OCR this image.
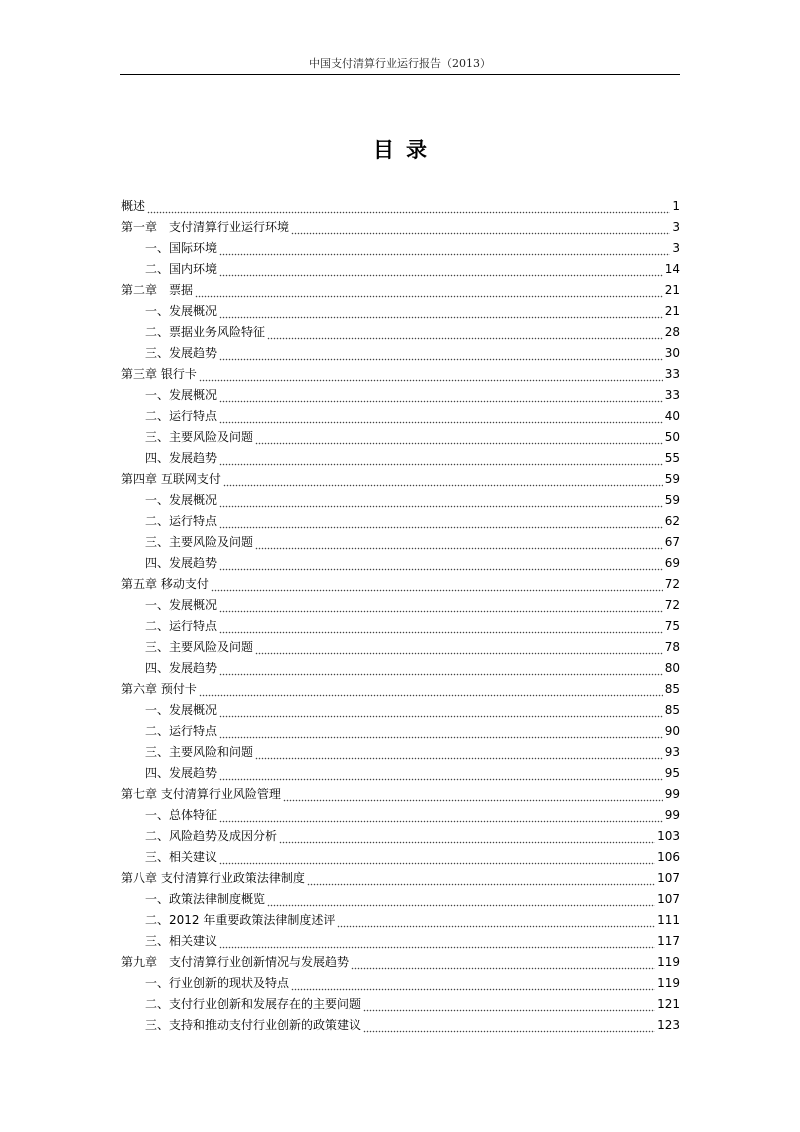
中国支付清算行业运行报告（2013）
目录
概述	1
第一章　支付清算行业运行环境	3
一、国际环境	3
二、国内环境	14
第二章　票据	21
一、发展概况	21
二、票据业务风险特征	28
三、发展趋势	30
第三章 银行卡	33
一、发展概况	33
二、运行特点	40
三、主要风险及问题	50
四、发展趋势	55
第四章 互联网支付	59
一、发展概况	59
二、运行特点	62
三、主要风险及问题	67
四、发展趋势	69
第五章 移动支付	72
一、发展概况	72
二、运行特点	75
三、主要风险及问题	78
四、发展趋势	80
第六章 预付卡	85
一、发展概况	85
二、运行特点	90
三、主要风险和问题	93
四、发展趋势	95
第七章 支付清算行业风险管理	99
一、总体特征	99
二、风险趋势及成因分析	103
三、相关建议	106
第八章 支付清算行业政策法律制度	107
一、政策法律制度概览	107
二、2012 年重要政策法律制度述评	111
三、相关建议	117
第九章　支付清算行业创新情况与发展趋势	119
一、行业创新的现状及特点	119
二、支付行业创新和发展存在的主要问题	121
三、支持和推动支付行业创新的政策建议	123
